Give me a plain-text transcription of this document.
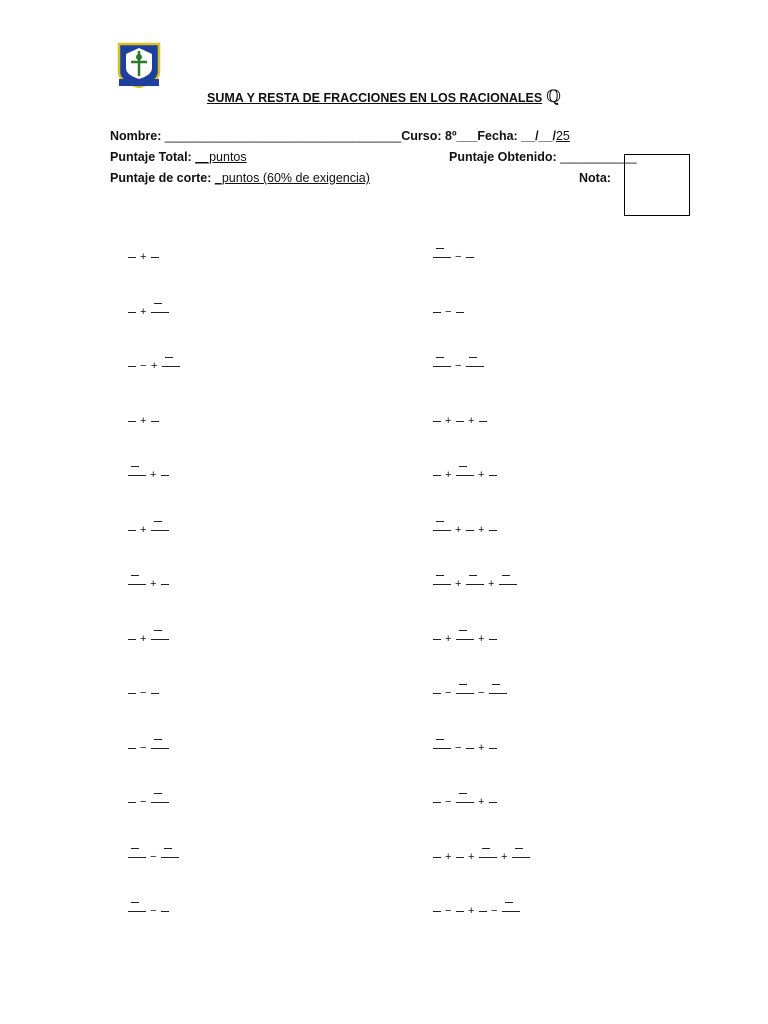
SUMA Y RESTA DE FRACCIONES EN LOS RACIONALES ℚ
Nombre: __________________________________Curso: 8º___Fecha: __/__/25
Puntaje Total: __puntos	Puntaje Obtenido: ___________
Puntaje de corte: _puntos (60% de exigencia)	Nota:
+
+
− +
+
+
+
+
+
−
−
−
−
−
−
−
−
+ +
+ +
+ +
+ +
+ +
− −
− +
− +
+ + +
− + −
